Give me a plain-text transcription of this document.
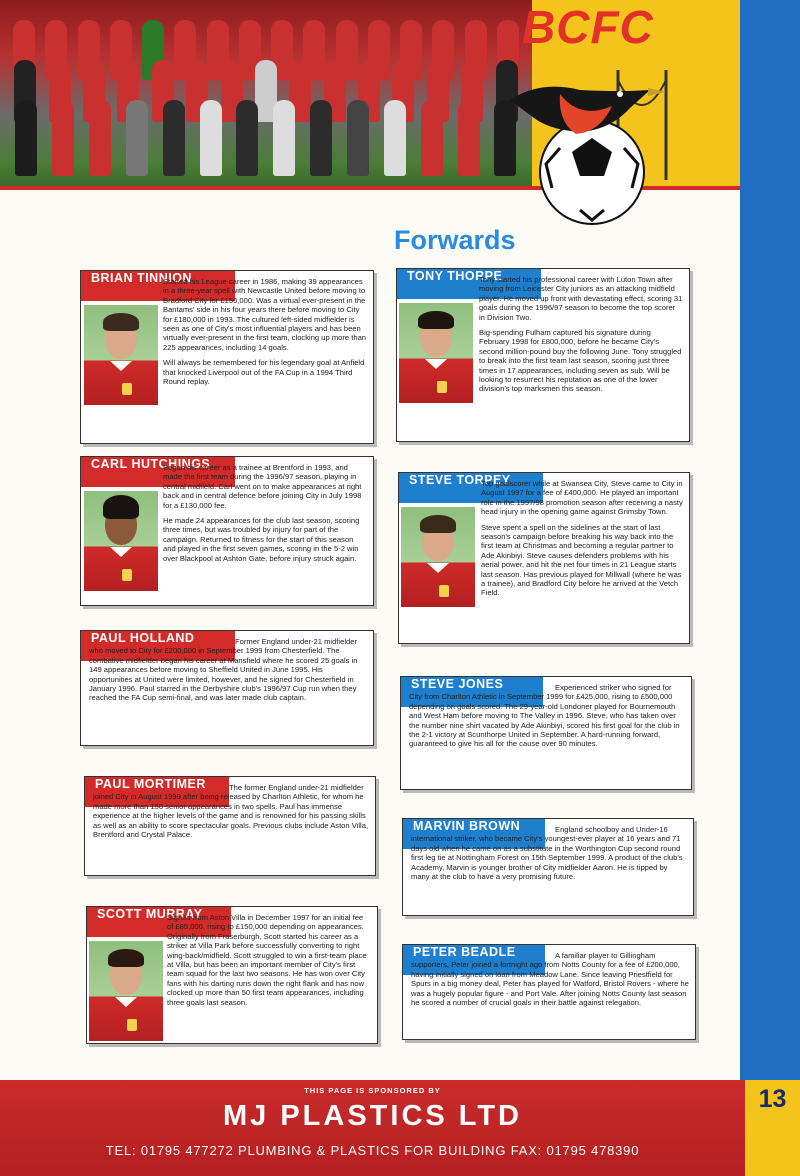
BCFC
Forwards
BRIAN TINNION

Started his League career in 1986, making 39 appearances in a three-year spell with Newcastle United before moving to Bradford City for £150,000. Was a virtual ever-present in the Bantams' side in his four years there before moving to City for £180,000 in 1993. The cultured left-sided midfielder is seen as one of City's most influential players and has been virtually ever-present in the first team, clocking up more than 225 appearances, including 14 goals.

Will always be remembered for his legendary goal at Anfield that knocked Liverpool out of the FA Cup in a 1994 Third Round replay.

CARL HUTCHINGS

Began his career as a trainee at Brentford in 1993, and made the first team during the 1996/97 season, playing in central midfield. Carl went on to make appearances at right back and in central defence before joining City in July 1998 for a £130,000 fee.

He made 24 appearances for the club last season, scoring three times, but was troubled by injury for part of the campaign. Returned to fitness for the start of this season and played in the first seven games, scoring in the 5-2 win over Blackpool at Ashton Gate, before injury struck again.

PAUL HOLLAND	Former England under-21 midfielder who moved to City for £200,000 in September 1999 from Chesterfield. The combative midfielder began his career at Mansfield where he scored 25 goals in 149 appearances before moving to Sheffield United in June 1995. His opportunities at United were limited, however, and he signed for Chesterfield in January 1996. Paul starred in the Derbyshire club's 1996/97 Cup run when they reached the FA Cup semi-final, and was later made club captain.

PAUL MORTIMER	The former England under-21 midfielder joined City in August 1999 after being released by Charlton Athletic, for whom he made more than 150 senior appearances in two spells. Paul has immense experience at the higher levels of the game and is renowned for his passing skills as well as an ability to score spectacular goals. Previous clubs include Aston Villa, Brentford and Crystal Palace.

SCOTT MURRAY

Signed from Aston Villa in December 1997 for an initial fee of £85,000, rising to £150,000 depending on appearances. Originally from Fraserburgh, Scott started his career as a striker at Villa Park before successfully converting to right wing-back/midfield. Scott struggled to win a first-team place at Villa, but has been an important member of City's first team squad for the last two seasons. He has won over City fans with his darting runs down the right flank and has now clocked up more than 50 first team appearances, including three goals last season.

TONY THORPE

Tony started his professional career with Luton Town after moving from Leicester City juniors as an attacking midfield player. He moved up front with devastating effect, scoring 31 goals during the 1996/97 season to become the top scorer in Division Two.

Big-spending Fulham captured his signature during February 1998 for £800,000, before he became City's second million-pound buy the following June. Tony struggled to break into the first team last season, scoring just three times in 17 appearances, including seven as sub. Will be looking to resurrect his reputation as one of the lower division's top marksmen this season.

STEVE TORPEY

Top goalscorer while at Swansea City, Steve came to City in August 1997 for a fee of £400,000. He played an important role in the 1997/98 promotion season after receiving a nasty head injury in the opening game against Grimsby Town.

Steve spent a spell on the sidelines at the start of last season's campaign before breaking his way back into the first team at Christmas and becoming a regular partner to Ade Akinbiyi. Steve causes defenders problems with his aerial power, and hit the net four times in 21 League starts last season. Has previous played for Millwall (where he was a trainee), and Bradford City before he arrived at the Vetch Field.

STEVE JONES	Experienced striker who signed for City from Charlton Athletic in September 1999 for £425,000, rising to £500,000 depending on goals scored. The 29-year-old Londoner played for Bournemouth and West Ham before moving to The Valley in 1996. Steve, who has taken over the number nine shirt vacated by Ade Akinbiyi, scored his first goal for the club in the 2-1 victory at Scunthorpe United in September. A hard-running forward, guaranteed to give his all for the cause over 90 minutes.

MARVIN BROWN	England schoolboy and Under-16 international striker, who became City's youngest-ever player at 16 years and 71 days old when he came on as a substitute in the Worthington Cup second round first leg tie at Nottingham Forest on 15th September 1999. A product of the club's Academy, Marvin is younger brother of City midfielder Aaron. He is tipped by many at the club to have a very promising future.

PETER BEADLE	A familiar player to Gillingham supporters, Peter joined a fortnight ago from Notts County for a fee of £200,000, having initially signed on loan from Meadow Lane. Since leaving Priestfield for Spurs in a big money deal, Peter has played for Watford, Bristol Rovers - where he was a hugely popular figure - and Port Vale. After joining Notts County last season he scored a number of crucial goals in their battle against relegation.

THIS PAGE IS SPONSORED BY
MJ PLASTICS LTD
TEL: 01795 477272 PLUMBING & PLASTICS FOR BUILDING FAX: 01795 478390
13
